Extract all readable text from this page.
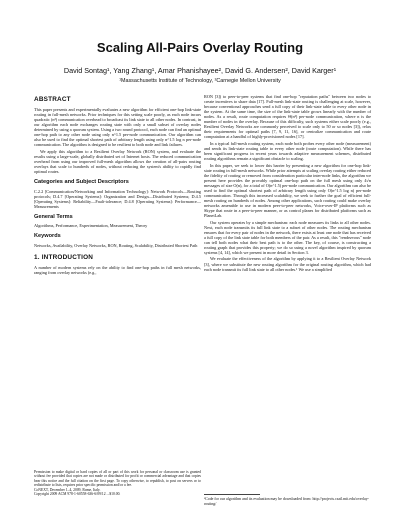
Scaling All-Pairs Overlay Routing
David Sontag¹, Yang Zhang¹, Amar Phanishayee², David G. Andersen², David Karger¹
¹Massachusetts Institute of Technology, ²Carnegie Mellon University
ABSTRACT

This paper presents and experimentally evaluates a new algorithm for efficient one-hop link-state routing in full-mesh networks. Prior techniques for this setting scale poorly, as each node incurs quadratic (n²) communication overhead to broadcast its link state to all other nodes. In contrast, in our algorithm each node exchanges routing state with only a small subset of overlay nodes determined by using a quorum system. Using a two round protocol, each node can find an optimal one-hop path to any other node using only n^1.5 per-node communication. Our algorithm can also be used to find the optimal shortest path of arbitrary length using only n^1.5 log n per-node communication. The algorithm is designed to be resilient to both node and link failures.

We apply this algorithm to a Resilient Overlay Network (RON) system, and evaluate the results using a large-scale, globally distributed set of Internet hosts. The reduced communication overhead from using our improved full-mesh algorithm allows the creation of all-pairs routing overlays that scale to hundreds of nodes, without reducing the system's ability to rapidly find optimal routes.

Categories and Subject Descriptors

C.2.2 [Communication/Networking and Information Technology]: Network Protocols—Routing protocols; D.4.7 [Operating Systems]: Organization and Design—Distributed Systems; D.4.5 [Operating Systems]: Reliability—Fault-tolerance; D.4.8 [Operating Systems]: Performance—Measurements

General Terms

Algorithms, Performance, Experimentation, Measurement, Theory

Keywords

Networks, Availability, Overlay Networks, RON, Routing, Scalability, Distributed Shortest Path

1. INTRODUCTION

A number of modern systems rely on the ability to find one-hop paths in full mesh networks, ranging from overlay networks (e.g.,

Permission to make digital or hard copies of all or part of this work for personal or classroom use is granted without fee provided that copies are not made or distributed for profit or commercial advantage and that copies bear this notice and the full citation on the first page. To copy otherwise, to republish, to post on servers or to redistribute to lists, requires prior specific permission and/or a fee.

CoNEXT, December 1–4, 2009, Rome, Italy.

Copyright 2009 ACM 978-1-60558-636-6/09/12 ...$10.00.

RON [3]) to peer-to-peer systems that find one-hop "reputation paths" between two nodes to create incentives to share data [17]. Full-mesh link-state routing is challenging at scale, however, because conventional approaches send a full copy of their link-state table to every other node in the system. At the same time, the size of the link-state table grows linearly with the number of nodes. As a result, route computation requires Θ(n²) per-node communication, where n is the number of nodes in the overlay. Because of this difficulty, such systems either scale poorly (e.g., Resilient Overlay Networks are commonly perceived to scale only to 50 or so nodes [3]), relax their requirements for optimal paths [7, 9, 11, 16], or centralize communication and route computation at a handful of highly-provisioned nodes [17].

In a typical full-mesh routing system, each node both probes every other node (measurement) and sends its link-state routing table to every other node (route computation). While there has been significant progress in recent years towards adaptive measurement schemes, distributed routing algorithms remain a significant obstacle to scaling.

In this paper, we seek to lower this barrier by presenting a new algorithm for one-hop link-state routing in full-mesh networks. While prior attempts at scaling overlay routing either reduced the fidelity of routing or removed from consideration particular inter-node links, the algorithm we present here provides the provably optimal one-hop path on the full mesh using only 4√n messages of size O(n), for a total of O(n^1.5) per-node communication. Our algorithm can also be used to find the optimal shortest path of arbitrary length using only O(n^1.5 log n) per-node communication. Through this increased scalability, we seek to further the goal of efficient full-mesh routing on hundreds of nodes. Among other applications, such routing could make overlay networks amenable to use in modern peer-to-peer networks, Voice-over-IP platforms such as Skype that route in a peer-to-peer manner, or as control planes for distributed platforms such as PlanetLab.

Our system operates by a simple mechanism: each node measures its links to all other nodes. Next, each node transmits its full link state to a subset of other nodes. The routing mechanism ensures that for every pair of nodes in the network, there exists at least one node that has received a full copy of the link state table for both members of the pair. As a result, this "rendezvous" node can tell both nodes what their best path is to the other. The key, of course, is constructing a routing graph that provides this property; we do so using a novel algorithm inspired by quorum systems [4, 14], which we present in more detail in Section 3.

We evaluate the effectiveness of the algorithm by applying it to a Resilient Overlay Network [3], where we substitute the new routing algorithm for the original routing algorithm, which had each node transmit its full link state to all other nodes.¹ We use a simplified

¹Code for our algorithm and its evaluation may be downloaded from: http://projects.csail.mit.edu/overlay-routing/
